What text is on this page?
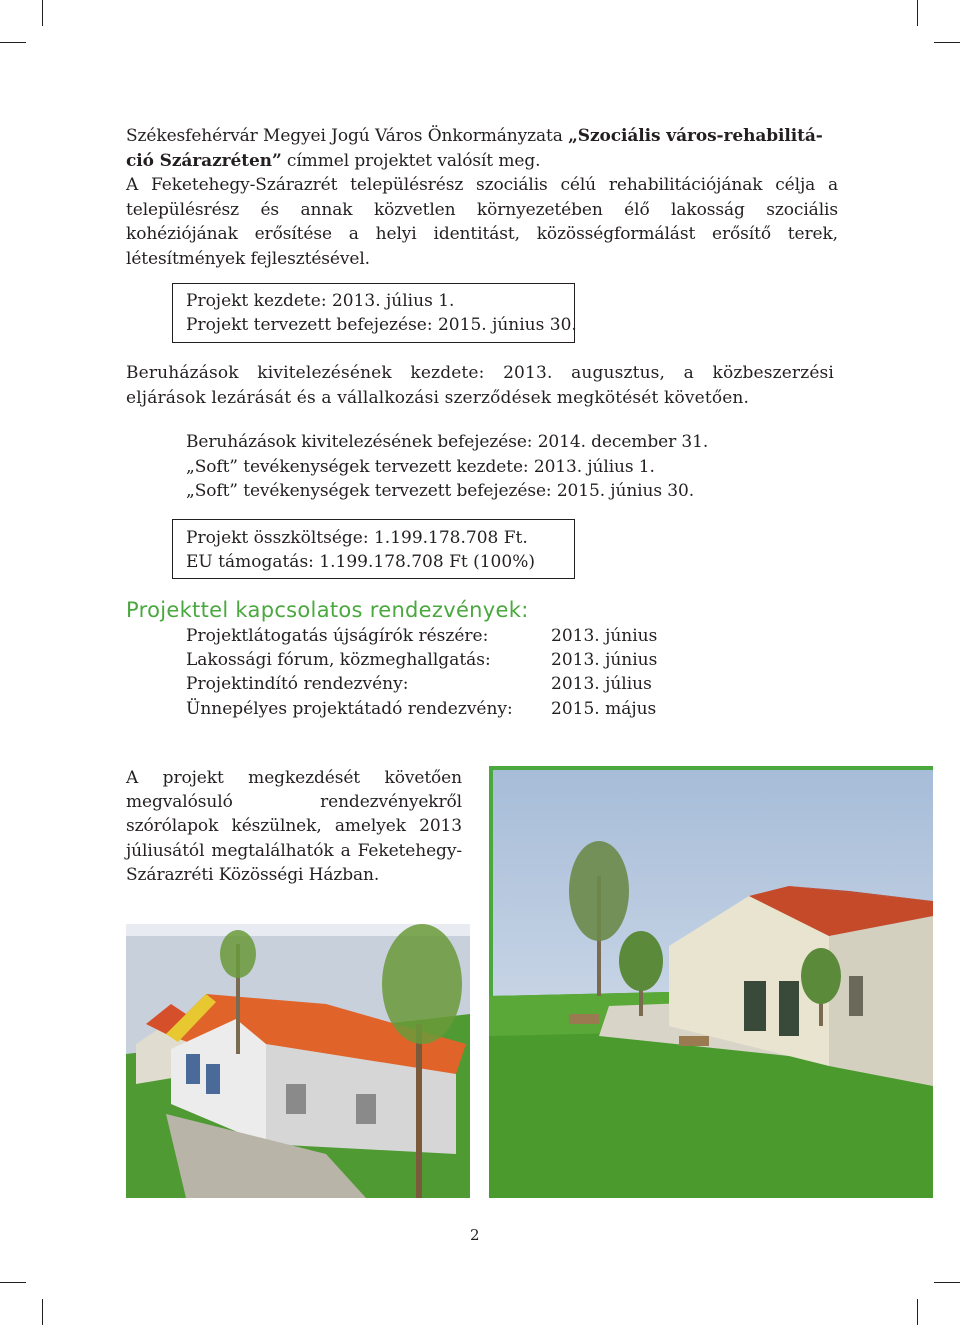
Székesfehérvár Megyei Jogú Város Önkormányzata „Szociális város-rehabilitá-
ció Szárazréten” címmel projektet valósít meg.
A Feketehegy-Szárazrét településrész szociális célú rehabilitációjának célja a településrész és annak közvetlen környezetében élő lakosság szociális kohéziójának erősítése a helyi identitást, közösségformálást erősítő terek, létesítmények fejlesztésével.
Projekt kezdete: 2013. július 1.
Projekt tervezett befejezése: 2015. június 30.
Beruházások kivitelezésének kezdete: 2013. augusztus, a közbeszerzési eljárások lezárását és a vállalkozási szerződések megkötését követően.
Beruházások kivitelezésének befejezése: 2014. december 31.
„Soft” tevékenységek tervezett kezdete: 2013. július 1.
„Soft” tevékenységek tervezett befejezése: 2015. június 30.
Projekt összköltsége: 1.199.178.708 Ft.
EU támogatás: 1.199.178.708 Ft (100%)
Projekttel kapcsolatos rendezvények:
Projektlátogatás újságírók részére:	2013. június
Lakossági fórum, közmeghallgatás:	2013. június
Projektindító rendezvény:	2013. július
Ünnepélyes projektátadó rendezvény: 2015. május
A projekt megkezdését követően megvalósuló rendezvényekről szórólapok készülnek, amelyek 2013 júliusától megtalálhatók a Feketehegy-Szárazréti Közösségi Házban.
2
